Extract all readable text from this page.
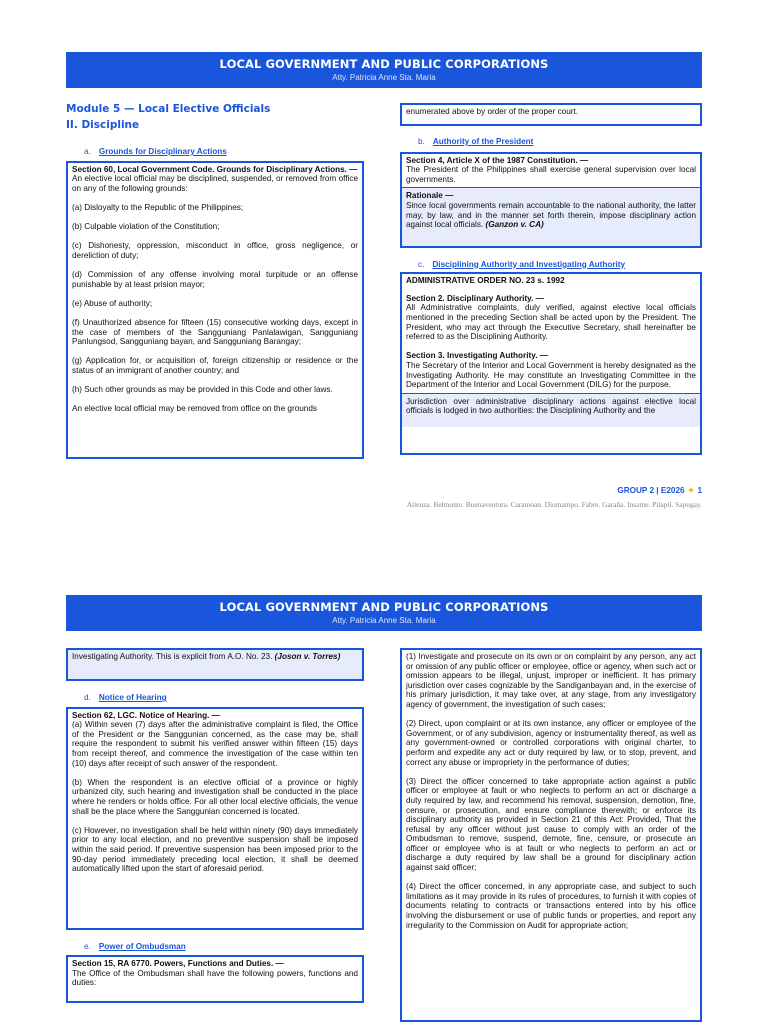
LOCAL GOVERNMENT AND PUBLIC CORPORATIONS
Atty. Patricia Anne Sta. Maria
Module 5 — Local Elective Officials
II. Discipline
a. Grounds for Disciplinary Actions

Section 60, Local Government Code. Grounds for Disciplinary Actions. —

An elective local official may be disciplined, suspended, or removed from office on any of the following grounds:

(a) Disloyalty to the Republic of the Philippines;

(b) Culpable violation of the Constitution;

(c) Dishonesty, oppression, misconduct in office, gross negligence, or dereliction of duty;

(d) Commission of any offense involving moral turpitude or an offense punishable by at least prision mayor;

(e) Abuse of authority;

(f) Unauthorized absence for fifteen (15) consecutive working days, except in the case of members of the Sangguniang Panlalawigan, Sangguniang Panlungsod, Sangguniang bayan, and Sangguniang Barangay;

(g) Application for, or acquisition of, foreign citizenship or residence or the status of an immigrant of another country; and

(h) Such other grounds as may be provided in this Code and other laws.

An elective local official may be removed from office on the grounds

enumerated above by order of the proper court.

b. Authority of the President

Section 4, Article X of the 1987 Constitution. —

The President of the Philippines shall exercise general supervision over local governments.

Rationale —

Since local governments remain accountable to the national authority, the latter may, by law, and in the manner set forth therein, impose disciplinary action against local officials. (Ganzon v. CA)

c. Disciplining Authority and Investigating Authority

ADMINISTRATIVE ORDER NO. 23 s. 1992

Section 2. Disciplinary Authority. —

All Administrative complaints, duly verified, against elective local officials mentioned in the preceding Section shall be acted upon by the President. The President, who may act through the Executive Secretary, shall hereinafter be referred to as the Disciplining Authority.

Section 3. Investigating Authority. —

The Secretary of the Interior and Local Government is hereby designated as the Investigating Authority. He may constitute an Investigating Committee in the Department of the Interior and Local Government (DILG) for the purpose.

Jurisdiction over administrative disciplinary actions against elective local officials is lodged in two authorities: the Disciplining Authority and the

GROUP 2 | E2026 ✦ 1
Atienza. Belmonte. Buenaventura. Caramoan. Diomampo. Fabre. Garaña. Insame. Pilapil. Sapugay.
LOCAL GOVERNMENT AND PUBLIC CORPORATIONS
Atty. Patricia Anne Sta. Maria

Investigating Authority. This is explicit from A.O. No. 23. (Joson v. Torres)

d. Notice of Hearing

Section 62, LGC. Notice of Hearing. —

(a) Within seven (7) days after the administrative complaint is filed, the Office of the President or the Sanggunian concerned, as the case may be, shall require the respondent to submit his verified answer within fifteen (15) days from receipt thereof, and commence the investigation of the case within ten (10) days after receipt of such answer of the respondent.

(b) When the respondent is an elective official of a province or highly urbanized city, such hearing and investigation shall be conducted in the place where he renders or holds office. For all other local elective officials, the venue shall be the place where the Sanggunian concerned is located.

(c) However, no investigation shall be held within ninety (90) days immediately prior to any local election, and no preventive suspension shall be imposed within the said period. If preventive suspension has been imposed prior to the 90-day period immediately preceding local election, it shall be deemed automatically lifted upon the start of aforesaid period.

e. Power of Ombudsman

Section 15, RA 6770. Powers, Functions and Duties. —

The Office of the Ombudsman shall have the following powers, functions and duties:

(1) Investigate and prosecute on its own or on complaint by any person, any act or omission of any public officer or employee, office or agency, when such act or omission appears to be illegal, unjust, improper or inefficient. It has primary jurisdiction over cases cognizable by the Sandiganbayan and, in the exercise of his primary jurisdiction, it may take over, at any stage, from any investigatory agency of government, the investigation of such cases;

(2) Direct, upon complaint or at its own instance, any officer or employee of the Government, or of any subdivision, agency or instrumentality thereof, as well as any government-owned or controlled corporations with original charter, to perform and expedite any act or duty required by law, or to stop, prevent, and correct any abuse or impropriety in the performance of duties;

(3) Direct the officer concerned to take appropriate action against a public officer or employee at fault or who neglects to perform an act or discharge a duty required by law, and recommend his removal, suspension, demotion, fine, censure, or prosecution, and ensure compliance therewith; or enforce its disciplinary authority as provided in Section 21 of this Act: Provided, That the refusal by any officer without just cause to comply with an order of the Ombudsman to remove, suspend, demote, fine, censure, or prosecute an officer or employee who is at fault or who neglects to perform an act or discharge a duty required by law shall be a ground for disciplinary action against said officer;

(4) Direct the officer concerned, in any appropriate case, and subject to such limitations as it may provide in its rules of procedures, to furnish it with copies of documents relating to contracts or transactions entered into by his office involving the disbursement or use of public funds or properties, and report any irregularity to the Commission on Audit for appropriate action;
